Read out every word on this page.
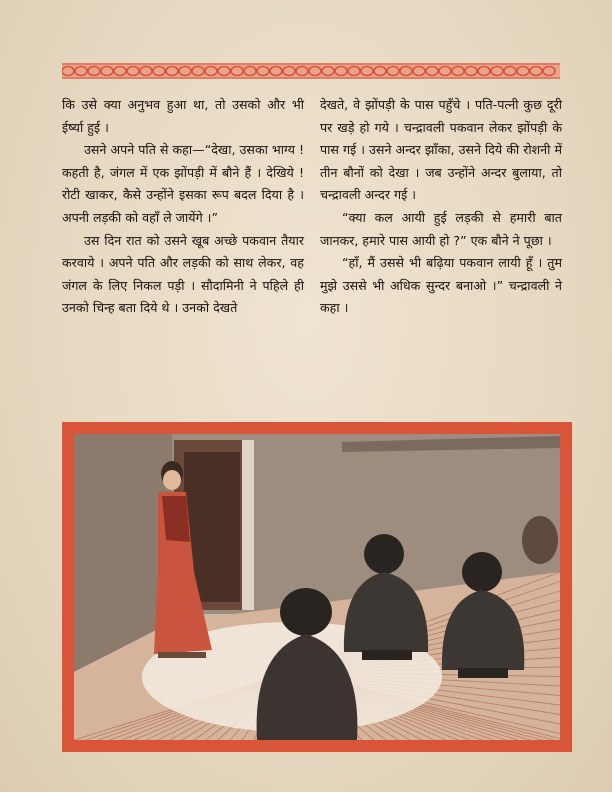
कि उसे क्या अनुभव हुआ था, तो उसको और भी ईर्ष्या हुई ।

उसने अपने पति से कहा—“देखा, उसका भाग्य ! कहती है, जंगल में एक झोंपड़ी में बौने हैं । देखिये ! रोटी खाकर, कैसे उन्होंने इसका रूप बदल दिया है । अपनी लड़की को वहाँ ले जायेंगे ।”

उस दिन रात को उसने खूब अच्छे पकवान तैयार करवाये । अपने पति और लड़की को साथ लेकर, वह जंगल के लिए निकल पड़ी । सौदामिनी ने पहिले ही उनको चिन्ह बता दिये थे । उनको देखते

देखते, वे झोंपड़ी के पास पहुँचे । पति-पत्नी कुछ दूरी पर खड़े हो गये । चन्द्रावली पकवान लेकर झोंपड़ी के पास गई । उसने अन्दर झाँका, उसने दिये की रोशनी में तीन बौनों को देखा । जब उन्होंने अन्दर बुलाया, तो चन्द्रावली अन्दर गई ।

“क्या कल आयी हुई लड़की से हमारी बात जानकर, हमारे पास आयी हो ?” एक बौने ने पूछा ।

“हाँ, मैं उससे भी बढ़िया पकवान लायी हूँ । तुम मुझे उससे भी अधिक सुन्दर बनाओ ।” चन्द्रावली ने कहा ।
